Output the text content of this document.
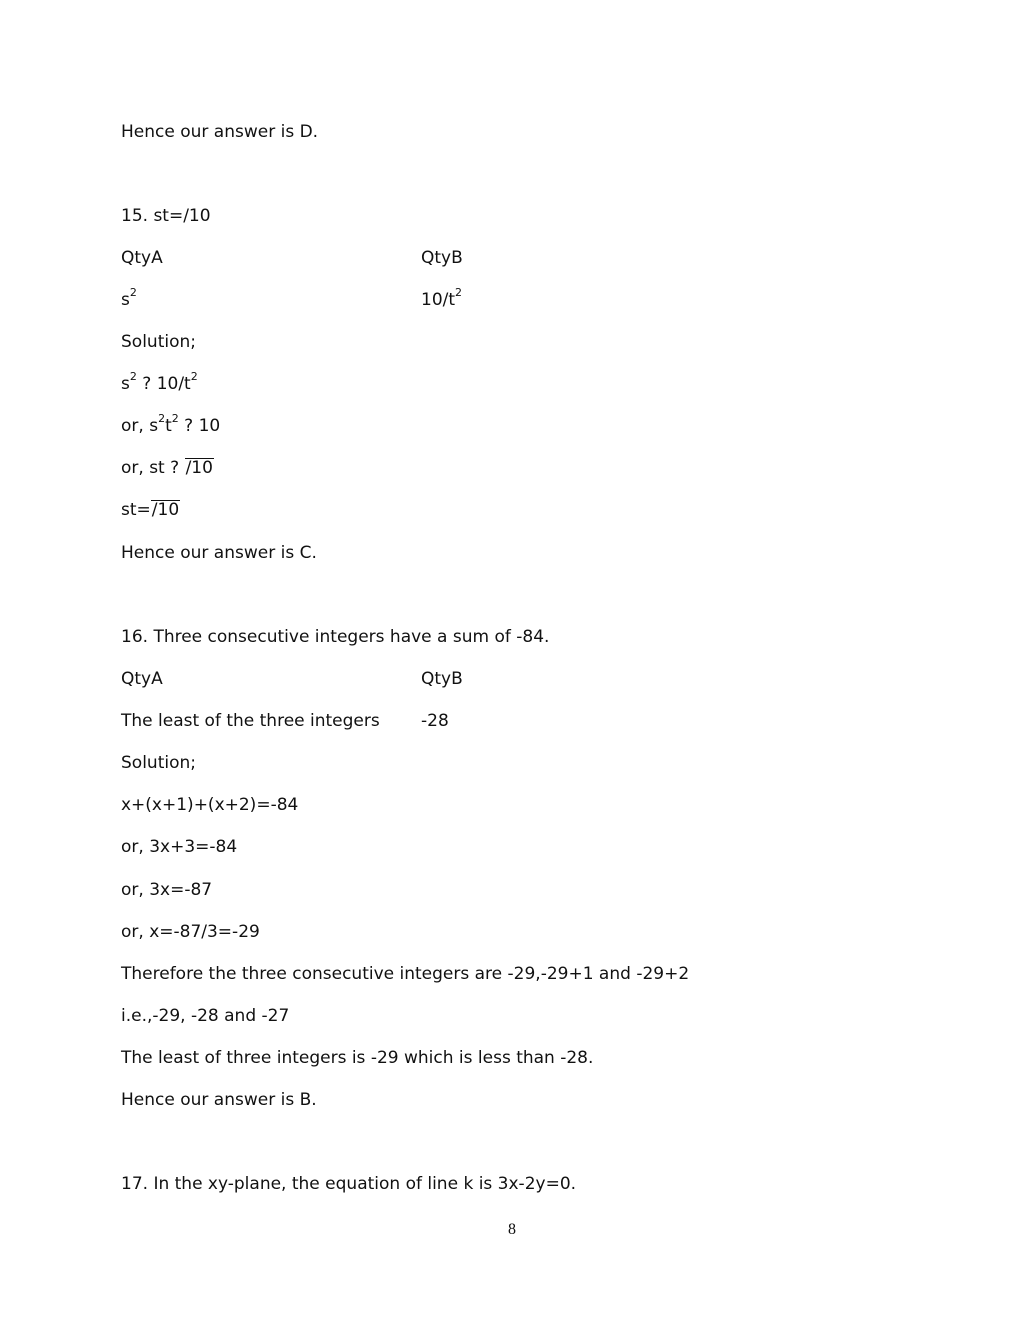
Hence our answer is D.
15. st=/10
QtyA	QtyB
$s^2$	$10/t^2$
Solution;
$s^2$ ? $10/t^2$
or, $s^2t^2$ ? 10
or, st ? /10
st=/10
Hence our answer is C.
16. Three consecutive integers have a sum of -84.
QtyA	QtyB
The least of the three integers -28
Solution;
x+(x+1)+(x+2)=-84
or, 3x+3=-84
or, 3x=-87
or, x=-87/3=-29
Therefore the three consecutive integers are -29,-29+1 and -29+2
i.e.,-29, -28 and -27
The least of three integers is -29 which is less than -28.
Hence our answer is B.
17. In the xy-plane, the equation of line k is 3x-2y=0.
8
